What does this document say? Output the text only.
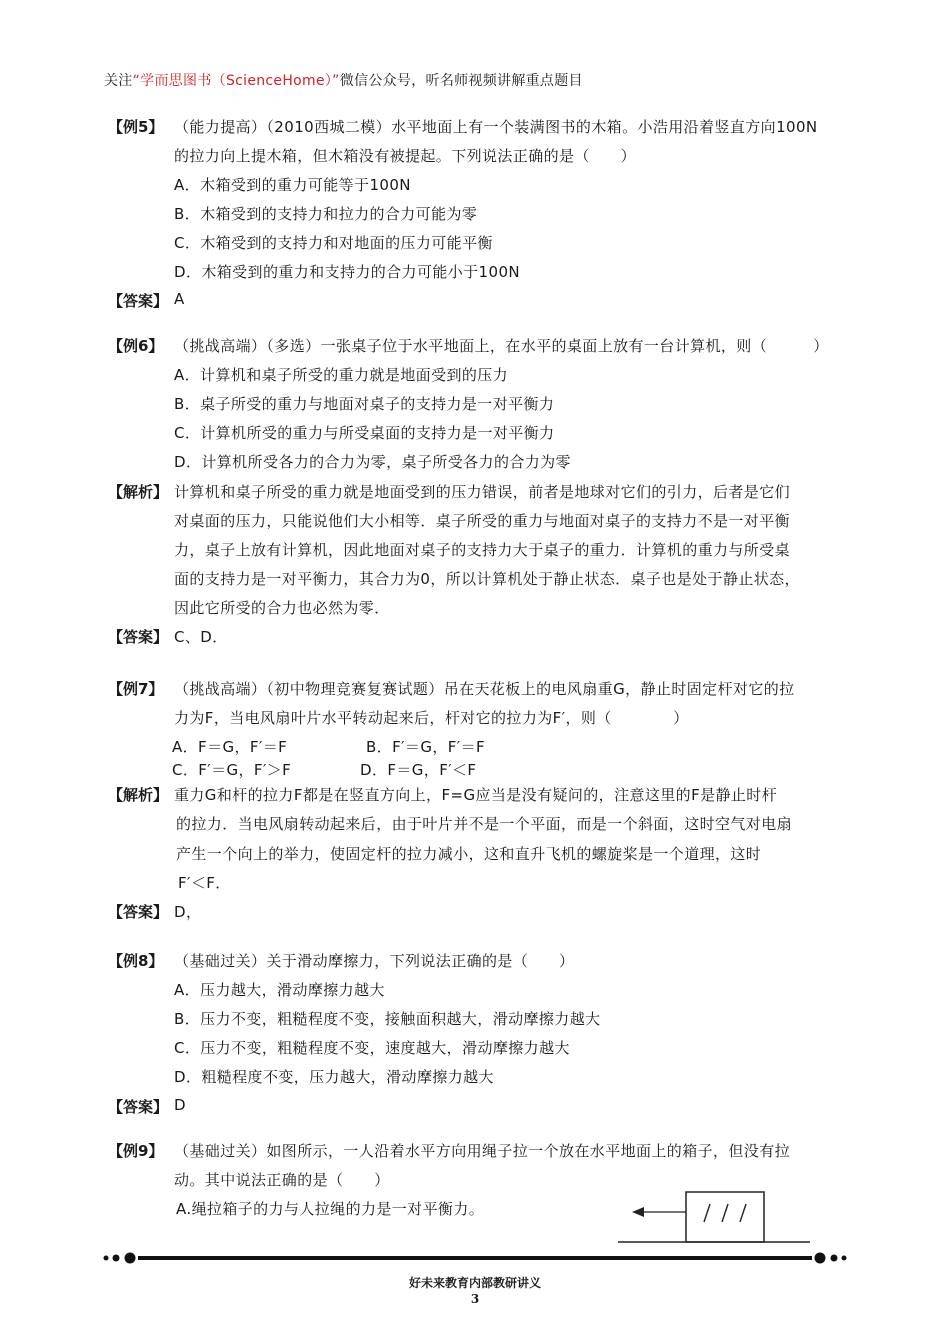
关注“学而思图书（ScienceHome）”微信公众号，听名师视频讲解重点题目
【例5】 （能力提高）（2010西城二模）水平地面上有一个装满图书的木箱。小浩用沿着竖直方向100N
的拉力向上提木箱，但木箱没有被提起。下列说法正确的是（　　）
A．木箱受到的重力可能等于100N
B．木箱受到的支持力和拉力的合力可能为零
C．木箱受到的支持力和对地面的压力可能平衡
D．木箱受到的重力和支持力的合力可能小于100N
【答案】 A
【例6】 （挑战高端）（多选）一张桌子位于水平地面上，在水平的桌面上放有一台计算机，则（　　　）
A．计算机和桌子所受的重力就是地面受到的压力
B．桌子所受的重力与地面对桌子的支持力是一对平衡力
C．计算机所受的重力与所受桌面的支持力是一对平衡力
D．计算机所受各力的合力为零，桌子所受各力的合力为零
【解析】 计算机和桌子所受的重力就是地面受到的压力错误，前者是地球对它们的引力，后者是它们
对桌面的压力，只能说他们大小相等．桌子所受的重力与地面对桌子的支持力不是一对平衡
力，桌子上放有计算机，因此地面对桌子的支持力大于桌子的重力．计算机的重力与所受桌
面的支持力是一对平衡力，其合力为0，所以计算机处于静止状态．桌子也是处于静止状态，
因此它所受的合力也必然为零．
【答案】 C、D．
【例7】 （挑战高端）（初中物理竞赛复赛试题）吊在天花板上的电风扇重G，静止时固定杆对它的拉
力为F，当电风扇叶片水平转动起来后，杆对它的拉力为F′，则（　　　　）
A．F＝G，F′＝F	B．F′＝G，F′＝F
C．F′＝G，F′＞F	D．F＝G，F′＜F
【解析】 重力G和杆的拉力F都是在竖直方向上，F=G应当是没有疑问的，注意这里的F是静止时杆
的拉力．当电风扇转动起来后，由于叶片并不是一个平面，而是一个斜面，这时空气对电扇
产生一个向上的举力，使固定杆的拉力减小，这和直升飞机的螺旋桨是一个道理，这时
F′＜F．
【答案】 D，
【例8】 （基础过关）关于滑动摩擦力，下列说法正确的是（　　）
A．压力越大，滑动摩擦力越大
B．压力不变，粗糙程度不变，接触面积越大，滑动摩擦力越大
C．压力不变，粗糙程度不变，速度越大，滑动摩擦力越大
D．粗糙程度不变，压力越大，滑动摩擦力越大
【答案】 D
【例9】 （基础过关）如图所示，一人沿着水平方向用绳子拉一个放在水平地面上的箱子，但没有拉
动。其中说法正确的是（　　）
A.绳拉箱子的力与人拉绳的力是一对平衡力。
好未来教育内部教研讲义
3
